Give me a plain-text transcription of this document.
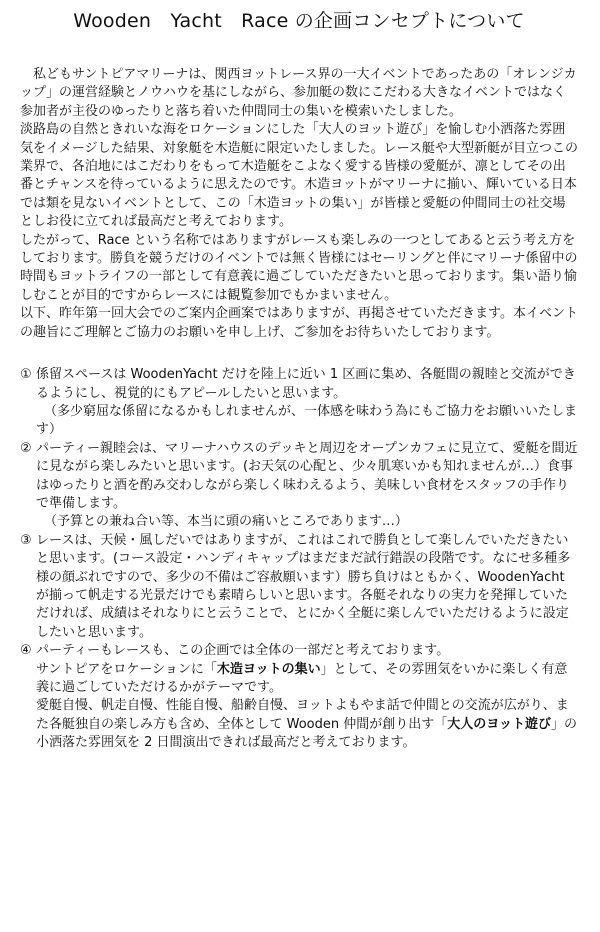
Wooden　Yacht　Race の企画コンセプトについて

私どもサントピアマリーナは、関西ヨットレース界の一大イベントであったあの「オレンジカップ」の運営経験とノウハウを基にしながら、参加艇の数にこだわる大きなイベントではなく参加者が主役のゆったりと落ち着いた仲間同士の集いを模索いたしました。

淡路島の自然ときれいな海をロケーションにした「大人のヨット遊び」を愉しむ小洒落た雰囲気をイメージした結果、対象艇を木造艇に限定いたしました。レース艇や大型新艇が目立つこの業界で、各泊地にはこだわりをもって木造艇をこよなく愛する皆様の愛艇が、凛としてその出番とチャンスを待っているように思えたのです。木造ヨットがマリーナに揃い、輝いている日本では類を見ないイベントとして、この「木造ヨットの集い」が皆様と愛艇の仲間同士の社交場としお役に立てれば最高だと考えております。

したがって、Race という名称ではありますがレースも楽しみの一つとしてあると云う考え方をしております。勝負を競うだけのイベントでは無く皆様にはセーリングと伴にマリーナ係留中の時間もヨットライフの一部として有意義に過ごしていただきたいと思っております。集い語り愉しむことが目的ですからレースには観覧参加でもかまいません。

以下、昨年第一回大会でのご案内企画案ではありますが、再掲させていただきます。本イベントの趣旨にご理解とご協力のお願いを申し上げ、ご参加をお待ちいたしております。

① 係留スペースは WoodenYacht だけを陸上に近い 1 区画に集め、各艇間の親睦と交流ができるようにし、視覚的にもアピールしたいと思います。

（多少窮屈な係留になるかもしれませんが、一体感を味わう為にもご協力をお願いいたします）

② パーティー親睦会は、マリーナハウスのデッキと周辺をオープンカフェに見立て、愛艇を間近に見ながら楽しみたいと思います。(お天気の心配と、少々肌寒いかも知れませんが…）食事はゆったりと酒を酌み交わしながら楽しく味わえるよう、美味しい食材をスタッフの手作りで準備します。

（予算との兼ね合い等、本当に頭の痛いところであります…）

③ レースは、天候・風しだいではありますが、これはこれで勝負として楽しんでいただきたいと思います。(コース設定・ハンディキャップはまだまだ試行錯誤の段階です。なにせ多種多様の顔ぶれですので、多少の不備はご容赦願います）勝ち負けはともかく、WoodenYacht が揃って帆走する光景だけでも素晴らしいと思います。各艇それなりの実力を発揮していただければ、成績はそれなりにと云うことで、とにかく全艇に楽しんでいただけるように設定したいと思います。

④ パーティーもレースも、この企画では全体の一部だと考えております。

サントピアをロケーションに「木造ヨットの集い」として、その雰囲気をいかに楽しく有意義に過ごしていただけるかがテーマです。

愛艇自慢、帆走自慢、性能自慢、船齢自慢、ヨットよもやま話で仲間との交流が広がり、また各艇独自の楽しみ方も含め、全体として Wooden 仲間が創り出す「大人のヨット遊び」の小洒落た雰囲気を 2 日間演出できれば最高だと考えております。
